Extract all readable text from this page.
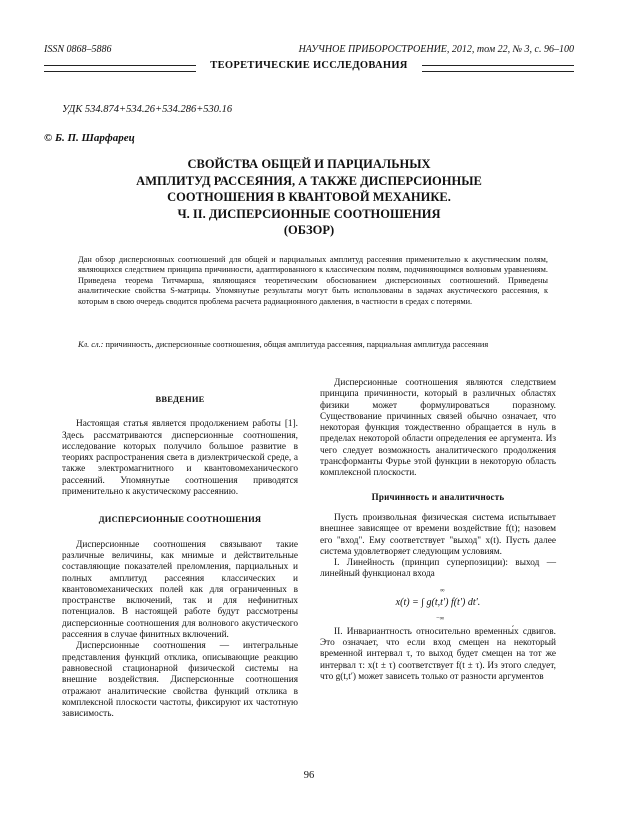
ISSN 0868–5886	НАУЧНОЕ ПРИБОРОСТРОЕНИЕ, 2012, том 22, № 3, с. 96–100
ТЕОРЕТИЧЕСКИЕ ИССЛЕДОВАНИЯ
УДК 534.874+534.26+534.286+530.16
© Б. П. Шарфарец
СВОЙСТВА ОБЩЕЙ И ПАРЦИАЛЬНЫХ
АМПЛИТУД РАССЕЯНИЯ, А ТАКЖЕ ДИСПЕРСИОННЫЕ
СООТНОШЕНИЯ В КВАНТОВОЙ МЕХАНИКЕ.
Ч. II. ДИСПЕРСИОННЫЕ СООТНОШЕНИЯ
(ОБЗОР)
Дан обзор дисперсионных соотношений для общей и парциальных амплитуд рассеяния применительно к акустическим полям, являющихся следствием принципа причинности, адаптированного к классическим полям, подчиняющимся волновым уравнениям. Приведена теорема Титчмарша, являющаяся теоретическим обоснованием дисперсионных соотношений. Приведены аналитические свойства S-матрицы. Упомянутые результаты могут быть использованы в задачах акустического рассеяния, к которым в свою очередь сводится проблема расчета радиационного давления, в частности в средах с потерями.
Кл. сл.: причинность, дисперсионные соотношения, общая амплитуда рассеяния, парциальная амплитуда рассеяния
ВВЕДЕНИЕ

Настоящая статья является продолжением работы [1]. Здесь рассматриваются дисперсионные соотношения, исследование которых получило большое развитие в теориях распространения света в диэлектрической среде, а также электромагнитного и квантовомеханического рассеяний. Упомянутые соотношения приводятся применительно к акустическому рассеянию.

ДИСПЕРСИОННЫЕ СООТНОШЕНИЯ

Дисперсионные соотношения связывают такие различные величины, как мнимые и действительные составляющие показателей преломления, парциальных и полных амплитуд рассеяния классических и квантовомеханических полей как для ограниченных в пространстве включений, так и для нефинитных потенциалов. В настоящей работе будут рассмотрены дисперсионные соотношения для волнового акустического рассеяния в случае финитных включений.

Дисперсионные соотношения — интегральные представления функций отклика, описывающие реакцию равновесной стационарной физической системы на внешние воздействия. Дисперсионные соотношения отражают аналитические свойства функций отклика в комплексной плоскости частоты, фиксируют их частотную зависимость.

Дисперсионные соотношения являются следствием принципа причинности, который в различных областях физики может формулироваться поразному. Существование причинных связей обычно означает, что некоторая функция тождественно обращается в нуль в пределах некоторой области определения ее аргумента. Из чего следует возможность аналитического продолжения трансформанты Фурье этой функции в некоторую область комплексной плоскости.

Причинность и аналитичность

Пусть произвольная физическая система испытывает внешнее зависящее от времени воздействие f(t); назовем его "вход". Ему соответствует "выход" x(t). Пусть далее система удовлетворяет следующим условиям.

I. Линейность (принцип суперпозиции): выход — линейный функционал входа

∞
x(t) = ∫ g(t,t′) f(t′) dt′.
−∞

II. Инвариантность относительно временны́х сдвигов. Это означает, что если вход смещен на некоторый временной интервал τ, то выход будет смещен на тот же интервал τ: x(t ± τ) соответствует f(t ± τ). Из этого следует, что g(t,t′) может зависеть только от разности аргументов

96
